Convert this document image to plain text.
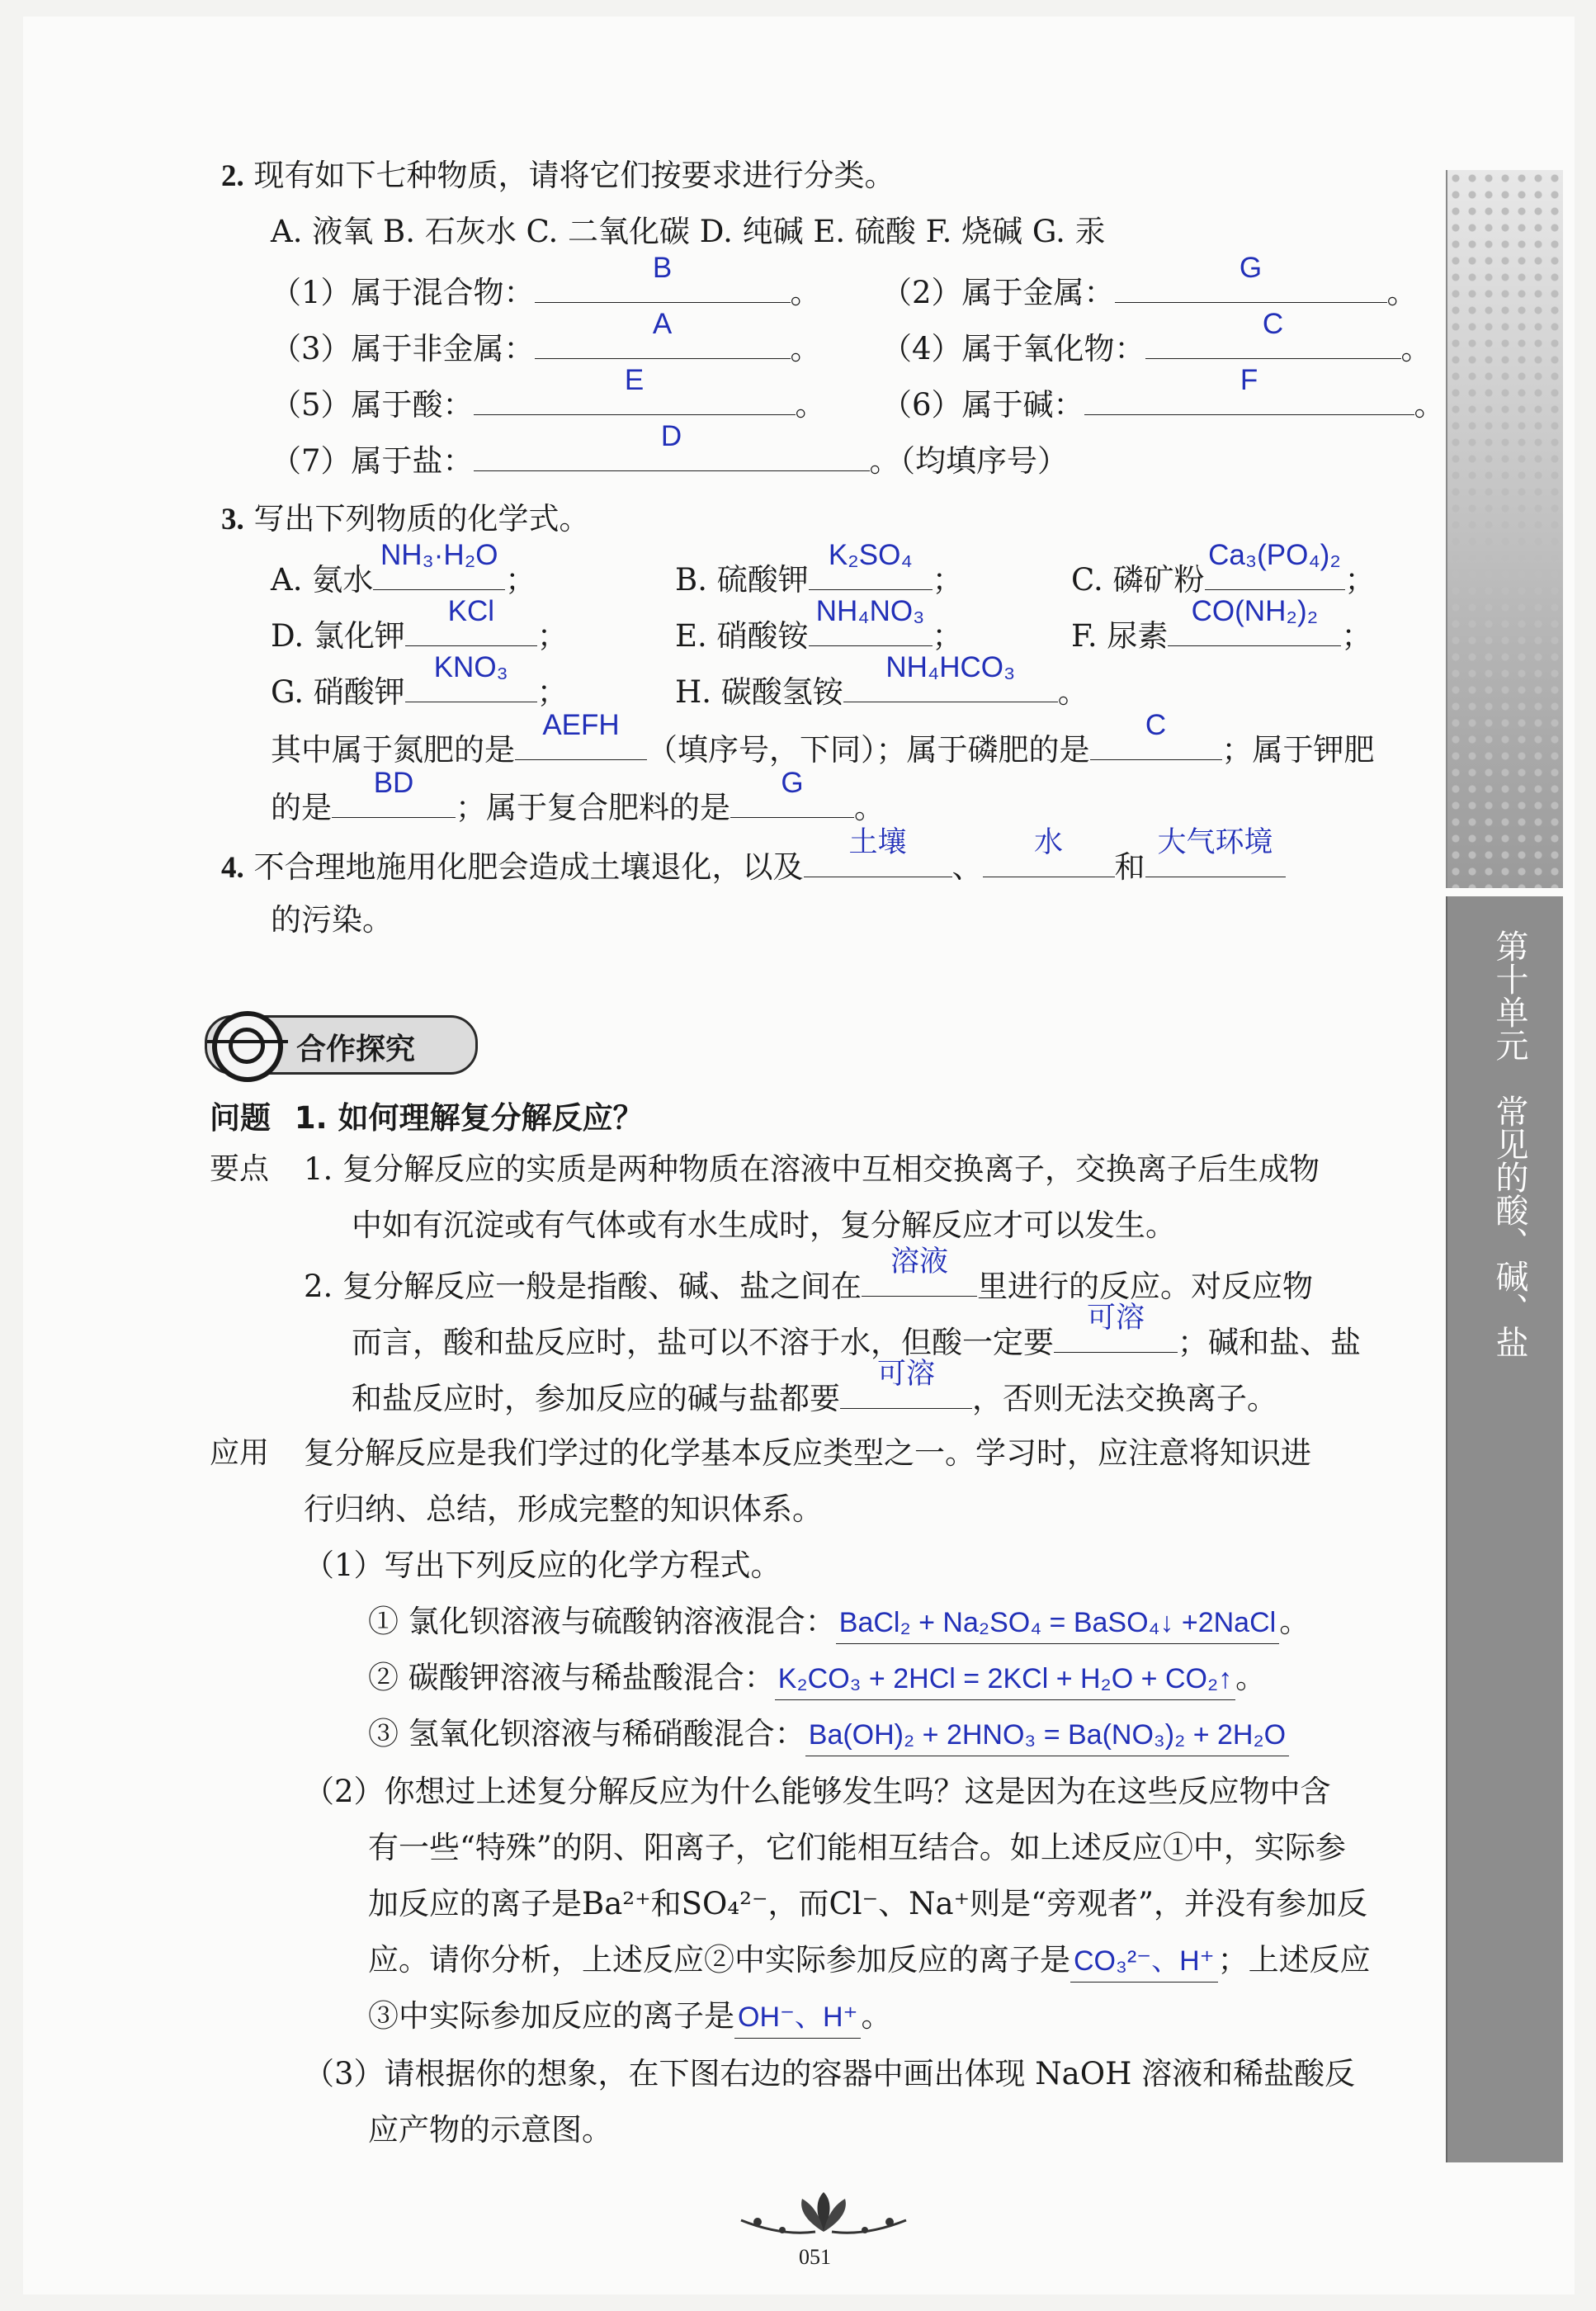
第十单元　常见的酸、碱、盐
2. 现有如下七种物质，请将它们按要求进行分类。
A. 液氧 B. 石灰水 C. 二氧化碳 D. 纯碱 E. 硫酸 F. 烧碱 G. 汞
（1）属于混合物：
B
。 （2）属于金属：
G
。
（3）属于非金属：
A
。 （4）属于氧化物：
C
。
（5）属于酸：
E
。 （6）属于碱：
F
。
（7）属于盐：
D
。（均填序号）
3. 写出下列物质的化学式。
A. 氨水
NH₃·H₂O
；	B. 硫酸钾
K₂SO₄
；	C. 磷矿粉
Ca₃(PO₄)₂
；
D. 氯化钾
KCl
；	E. 硝酸铵
NH₄NO₃
；	F. 尿素
CO(NH₂)₂
；
G. 硝酸钾
KNO₃
；	H. 碳酸氢铵
NH₄HCO₃
。
其中属于氮肥的是
AEFH
（填序号，下同）；属于磷肥的是
C
；属于钾肥
的是
BD
；属于复合肥料的是
G
。
4. 不合理地施用化肥会造成土壤退化，以及
土壤
、
水
和
大气环境
的污染。
合作探究
问题 1. 如何理解复分解反应？
要点 1. 复分解反应的实质是两种物质在溶液中互相交换离子，交换离子后生成物
中如有沉淀或有气体或有水生成时，复分解反应才可以发生。
2. 复分解反应一般是指酸、碱、盐之间在
溶液
里进行的反应。对反应物
而言，酸和盐反应时，盐可以不溶于水，但酸一定要
可溶
；碱和盐、盐
和盐反应时，参加反应的碱与盐都要
可溶
，否则无法交换离子。
应用 复分解反应是我们学过的化学基本反应类型之一。学习时，应注意将知识进
行归纳、总结，形成完整的知识体系。
（1）写出下列反应的化学方程式。
① 氯化钡溶液与硫酸钠溶液混合： BaCl₂ + Na₂SO₄ = BaSO₄↓ +2NaCl 。
② 碳酸钾溶液与稀盐酸混合： K₂CO₃ + 2HCl = 2KCl + H₂O + CO₂↑ 。
③ 氢氧化钡溶液与稀硝酸混合： Ba(OH)₂ + 2HNO₃ = Ba(NO₃)₂ + 2H₂O
（2）你想过上述复分解反应为什么能够发生吗？这是因为在这些反应物中含
有一些“特殊”的阴、阳离子，它们能相互结合。如上述反应①中，实际参
加反应的离子是Ba²⁺和SO₄²⁻，而Cl⁻、Na⁺则是“旁观者”，并没有参加反
应。请你分析，上述反应②中实际参加反应的离子是 CO₃²⁻、H⁺ ；上述反应
③中实际参加反应的离子是 OH⁻、H⁺ 。
（3）请根据你的想象，在下图右边的容器中画出体现 NaOH 溶液和稀盐酸反
应产物的示意图。
051
